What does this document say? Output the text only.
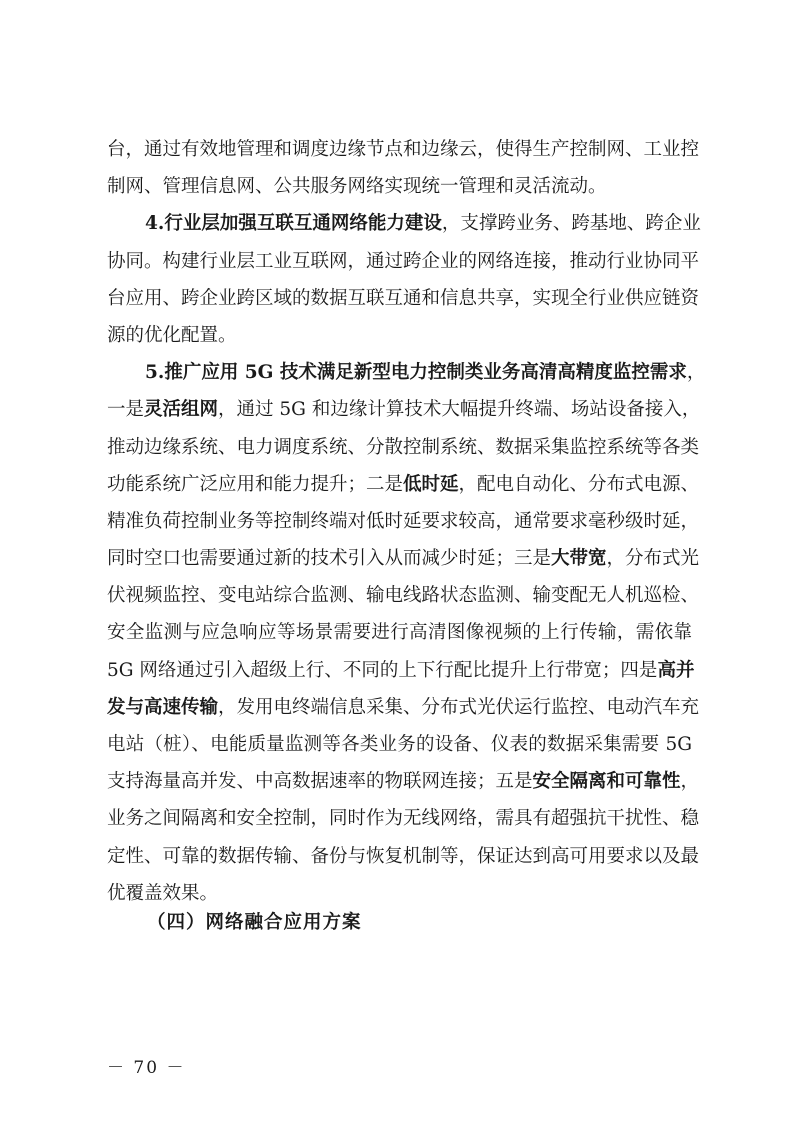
台，通过有效地管理和调度边缘节点和边缘云，使得生产控制网、工业控
制网、管理信息网、公共服务网络实现统一管理和灵活流动。
4.行业层加强互联互通网络能力建设，支撑跨业务、跨基地、跨企业
协同。构建行业层工业互联网，通过跨企业的网络连接，推动行业协同平
台应用、跨企业跨区域的数据互联互通和信息共享，实现全行业供应链资
源的优化配置。
5.推广应用 5G 技术满足新型电力控制类业务高清高精度监控需求，
一是灵活组网，通过 5G 和边缘计算技术大幅提升终端、场站设备接入，
推动边缘系统、电力调度系统、分散控制系统、数据采集监控系统等各类
功能系统广泛应用和能力提升；二是低时延，配电自动化、分布式电源、
精准负荷控制业务等控制终端对低时延要求较高，通常要求毫秒级时延，
同时空口也需要通过新的技术引入从而减少时延；三是大带宽，分布式光
伏视频监控、变电站综合监测、输电线路状态监测、输变配无人机巡检、
安全监测与应急响应等场景需要进行高清图像视频的上行传输，需依靠
5G 网络通过引入超级上行、不同的上下行配比提升上行带宽；四是高并
发与高速传输，发用电终端信息采集、分布式光伏运行监控、电动汽车充
电站（桩）、电能质量监测等各类业务的设备、仪表的数据采集需要 5G
支持海量高并发、中高数据速率的物联网连接；五是安全隔离和可靠性，
业务之间隔离和安全控制，同时作为无线网络，需具有超强抗干扰性、稳
定性、可靠的数据传输、备份与恢复机制等，保证达到高可用要求以及最
优覆盖效果。
（四）网络融合应用方案
－ 70 －
